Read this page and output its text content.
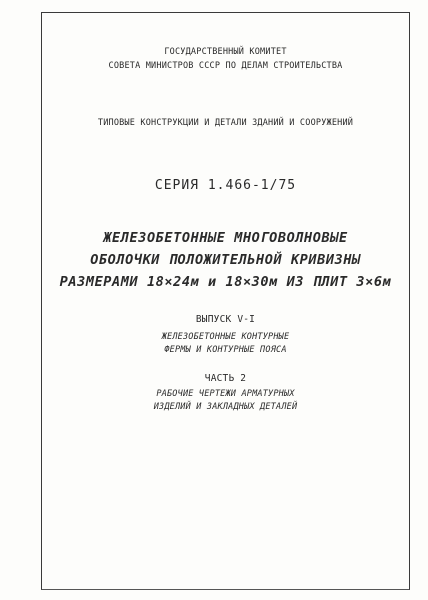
ГОСУДАРСТВЕННЫЙ КОМИТЕТ
СОВЕТА МИНИСТРОВ СССР ПО ДЕЛАМ СТРОИТЕЛЬСТВА
ТИПОВЫЕ КОНСТРУКЦИИ И ДЕТАЛИ ЗДАНИЙ И СООРУЖЕНИЙ
СЕРИЯ 1.466-1/75
ЖЕЛЕЗОБЕТОННЫЕ МНОГОВОЛНОВЫЕ
ОБОЛОЧКИ ПОЛОЖИТЕЛЬНОЙ КРИВИЗНЫ
РАЗМЕРАМИ 18×24м и 18×30м ИЗ ПЛИТ 3×6м
ВЫПУСК V-I
ЖЕЛЕЗОБЕТОННЫЕ КОНТУРНЫЕ
ФЕРМЫ И КОНТУРНЫЕ ПОЯСА
ЧАСТЬ 2
РАБОЧИЕ ЧЕРТЕЖИ АРМАТУРНЫХ
ИЗДЕЛИЙ И ЗАКЛАДНЫХ ДЕТАЛЕЙ
